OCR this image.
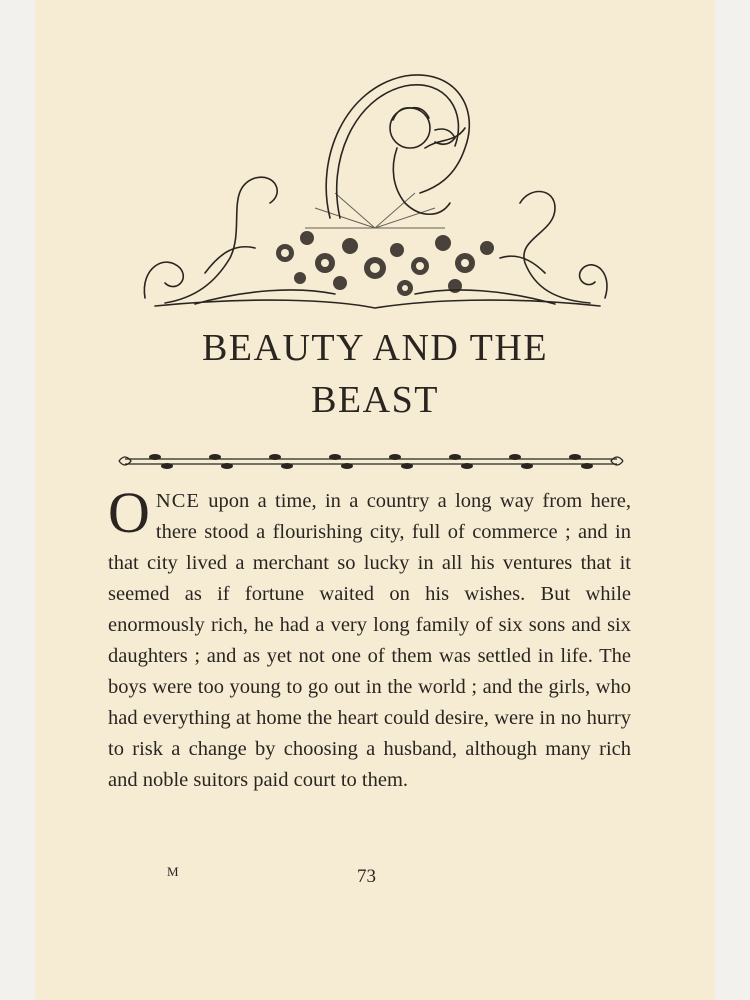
BEAUTY AND THE
BEAST

ONCE upon a time, in a country a long way from here, there stood a flourishing city, full of commerce ; and in that city lived a merchant so lucky in all his ventures that it seemed as if fortune waited on his wishes. But while enormously rich, he had a very long family of six sons and six daughters ; and as yet not one of them was settled in life. The boys were too young to go out in the world ; and the girls, who had everything at home the heart could desire, were in no hurry to risk a change by choosing a husband, although many rich and noble suitors paid court to them.

M	73
